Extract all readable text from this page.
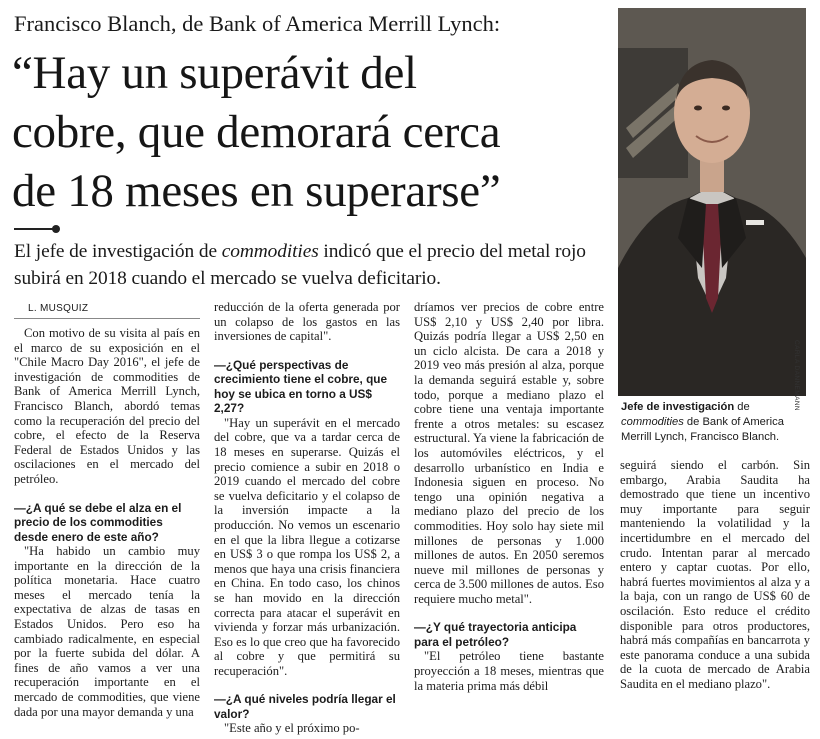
Francisco Blanch, de Bank of America Merrill Lynch:
“Hay un superávit del
cobre, que demorará cerca
de 18 meses en superarse”
El jefe de investigación de commodities indicó que el precio del metal rojo subirá en 2018 cuando el mercado se vuelva deficitario.
L. MUSQUIZ
CARLA DANNEMANN
Jefe de investigación de commodities de Bank of America Merrill Lynch, Francisco Blanch.

Con motivo de su visita al país en el marco de su exposición en el "Chile Macro Day 2016", el jefe de investigación de commodities de Bank of America Merrill Lynch, Francisco Blanch, abordó temas como la recuperación del precio del cobre, el efecto de la Reserva Federal de Estados Unidos y las oscilaciones en el mercado del petróleo.

—¿A qué se debe el alza en el precio de los commodities desde enero de este año?

"Ha habido un cambio muy importante en la dirección de la política monetaria. Hace cuatro meses el mercado tenía la expectativa de alzas de tasas en Estados Unidos. Pero eso ha cambiado radicalmente, en especial por la fuerte subida del dólar. A fines de año vamos a ver una recuperación importante en el mercado de commodities, que viene dada por una mayor demanda y una

reducción de la oferta generada por un colapso de los gastos en las inversiones de capital".

—¿Qué perspectivas de crecimiento tiene el cobre, que hoy se ubica en torno a US$ 2,27?

"Hay un superávit en el mercado del cobre, que va a tardar cerca de 18 meses en superarse. Quizás el precio comience a subir en 2018 o 2019 cuando el mercado del cobre se vuelva deficitario y el colapso de la inversión impacte a la producción. No vemos un escenario en el que la libra llegue a cotizarse en US$ 3 o que rompa los US$ 2, a menos que haya una crisis financiera en China. En todo caso, los chinos se han movido en la dirección correcta para atacar el superávit en vivienda y forzar más urbanización. Eso es lo que creo que ha favorecido al cobre y que permitirá su recuperación".

—¿A qué niveles podría llegar el valor?

"Este año y el próximo po-

dríamos ver precios de cobre entre US$ 2,10 y US$ 2,40 por libra. Quizás podría llegar a US$ 2,50 en un ciclo alcista. De cara a 2018 y 2019 veo más presión al alza, porque la demanda seguirá estable y, sobre todo, porque a mediano plazo el cobre tiene una ventaja importante frente a otros metales: su escasez estructural. Ya viene la fabricación de los automóviles eléctricos, y el desarrollo urbanístico en India e Indonesia siguen en proceso. No tengo una opinión negativa a mediano plazo del precio de los commodities. Hoy solo hay siete mil millones de personas y 1.000 millones de autos. En 2050 seremos nueve mil millones de personas y cerca de 3.500 millones de autos. Eso requiere mucho metal".

—¿Y qué trayectoria anticipa para el petróleo?

"El petróleo tiene bastante proyección a 18 meses, mientras que la materia prima más débil

seguirá siendo el carbón. Sin embargo, Arabia Saudita ha demostrado que tiene un incentivo muy importante para seguir manteniendo la volatilidad y la incertidumbre en el mercado del crudo. Intentan parar al mercado entero y captar cuotas. Por ello, habrá fuertes movimientos al alza y a la baja, con un rango de US$ 60 de oscilación. Esto reduce el crédito disponible para otros productores, habrá más compañías en bancarrota y este panorama conduce a una subida de la cuota de mercado de Arabia Saudita en el mediano plazo".
